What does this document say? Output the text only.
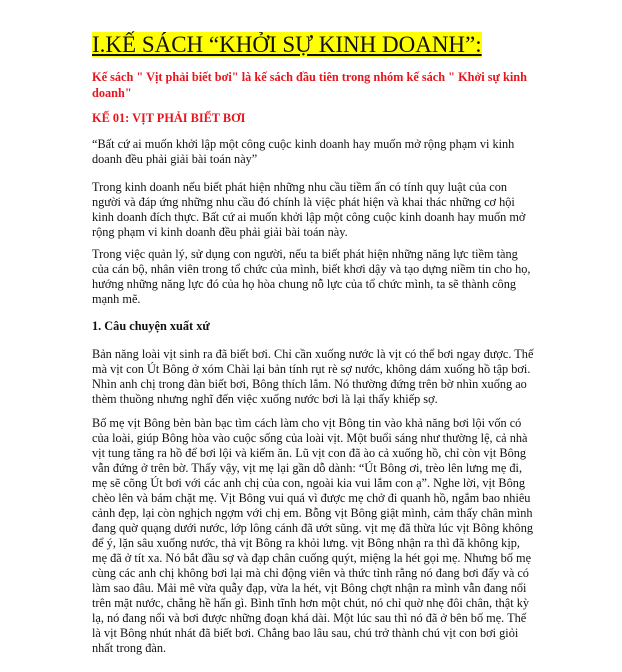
I.KẾ SÁCH “KHỞI SỰ KINH DOANH”:
Kế sách " Vịt phải biết bơi" là kế sách đầu tiên trong nhóm kế sách " Khởi sự kinh
doanh"
KẾ 01: VỊT PHẢI BIẾT BƠI
“Bất cứ ai muốn khởi lập một công cuộc kinh doanh hay muốn mở rộng phạm vi kinh
doanh đều phải giải bài toán này”
Trong kinh doanh nếu biết phát hiện những nhu cầu tiềm ẩn có tính quy luật của con
người và đáp ứng những nhu cầu đó chính là việc phát hiện và khai thác những cơ hội
kinh doanh đích thực. Bất cứ ai muốn khởi lập một công cuộc kinh doanh hay muốn mở
rộng phạm vi kinh doanh đều phải giải bài toán này.
Trong việc quản lý, sử dụng con người, nếu ta biết phát hiện những năng lực tiềm tàng
của cán bộ, nhân viên trong tổ chức của mình, biết khơi dậy và tạo dựng niềm tin cho họ,
hướng những năng lực đó của họ hòa chung nỗ lực của tổ chức mình, ta sẽ thành công
mạnh mẽ.
1. Câu chuyện xuất xứ
Bản năng loài vịt sinh ra đã biết bơi. Chỉ cần xuống nước là vịt có thể bơi ngay được. Thế
mà vịt con Út Bông ở xóm Chài lại bản tính rụt rè sợ nước, không dám xuống hồ tập bơi.
Nhìn anh chị trong đàn biết bơi, Bông thích lắm. Nó thường đứng trên bờ nhìn xuống ao
thèm thuồng nhưng nghĩ đến việc xuống nước bơi là lại thấy khiếp sợ.
Bố mẹ vịt Bông bèn bàn bạc tìm cách làm cho vịt Bông tin vào khả năng bơi lội vốn có
của loài, giúp Bông hòa vào cuộc sống của loài vịt. Một buổi sáng như thường lệ, cả nhà
vịt tung tăng ra hồ để bơi lội và kiếm ăn. Lũ vịt con đã ào cả xuống hồ, chỉ còn vịt Bông
vẫn đứng ở trên bờ. Thấy vậy, vịt mẹ lại gần dỗ dành: “Út Bông ơi, trèo lên lưng mẹ đi,
mẹ sẽ cõng Út bơi với các anh chị của con, ngoài kia vui lắm con ạ”. Nghe lời, vịt Bông
chèo lên và bám chặt mẹ. Vịt Bông vui quá vì được mẹ chở đi quanh hồ, ngắm bao nhiêu
cảnh đẹp, lại còn nghịch ngợm với chị em. Bỗng vịt Bông giật mình, cảm thấy chân mình
đang quờ quạng dưới nước, lớp lông cánh đã ướt sũng. vịt mẹ đã thừa lúc vịt Bông không
để ý, lặn sâu xuống nước, thả vịt Bông ra khỏi lưng. vịt Bông nhận ra thì đã không kịp,
mẹ đã ở tít xa. Nó bắt đầu sợ và đạp chân cuống quýt, miệng la hét gọi mẹ. Nhưng bố mẹ
cùng các anh chị không bơi lại mà chỉ động viên và thức tỉnh rằng nó đang bơi đấy và có
làm sao đâu. Mải mê vừa quẫy đạp, vừa la hét, vịt Bông chợt nhận ra mình vẫn đang nổi
trên mặt nước, chẳng hề hấn gì. Bình tĩnh hơn một chút, nó chỉ quờ nhẹ đôi chân, thật kỳ
lạ, nó đang nổi và bơi được những đoạn khá dài. Một lúc sau thì nó đã ở bên bố mẹ. Thế
là vịt Bông nhút nhát đã biết bơi. Chẳng bao lâu sau, chú trở thành chú vịt con bơi giỏi
nhất trong đàn.
